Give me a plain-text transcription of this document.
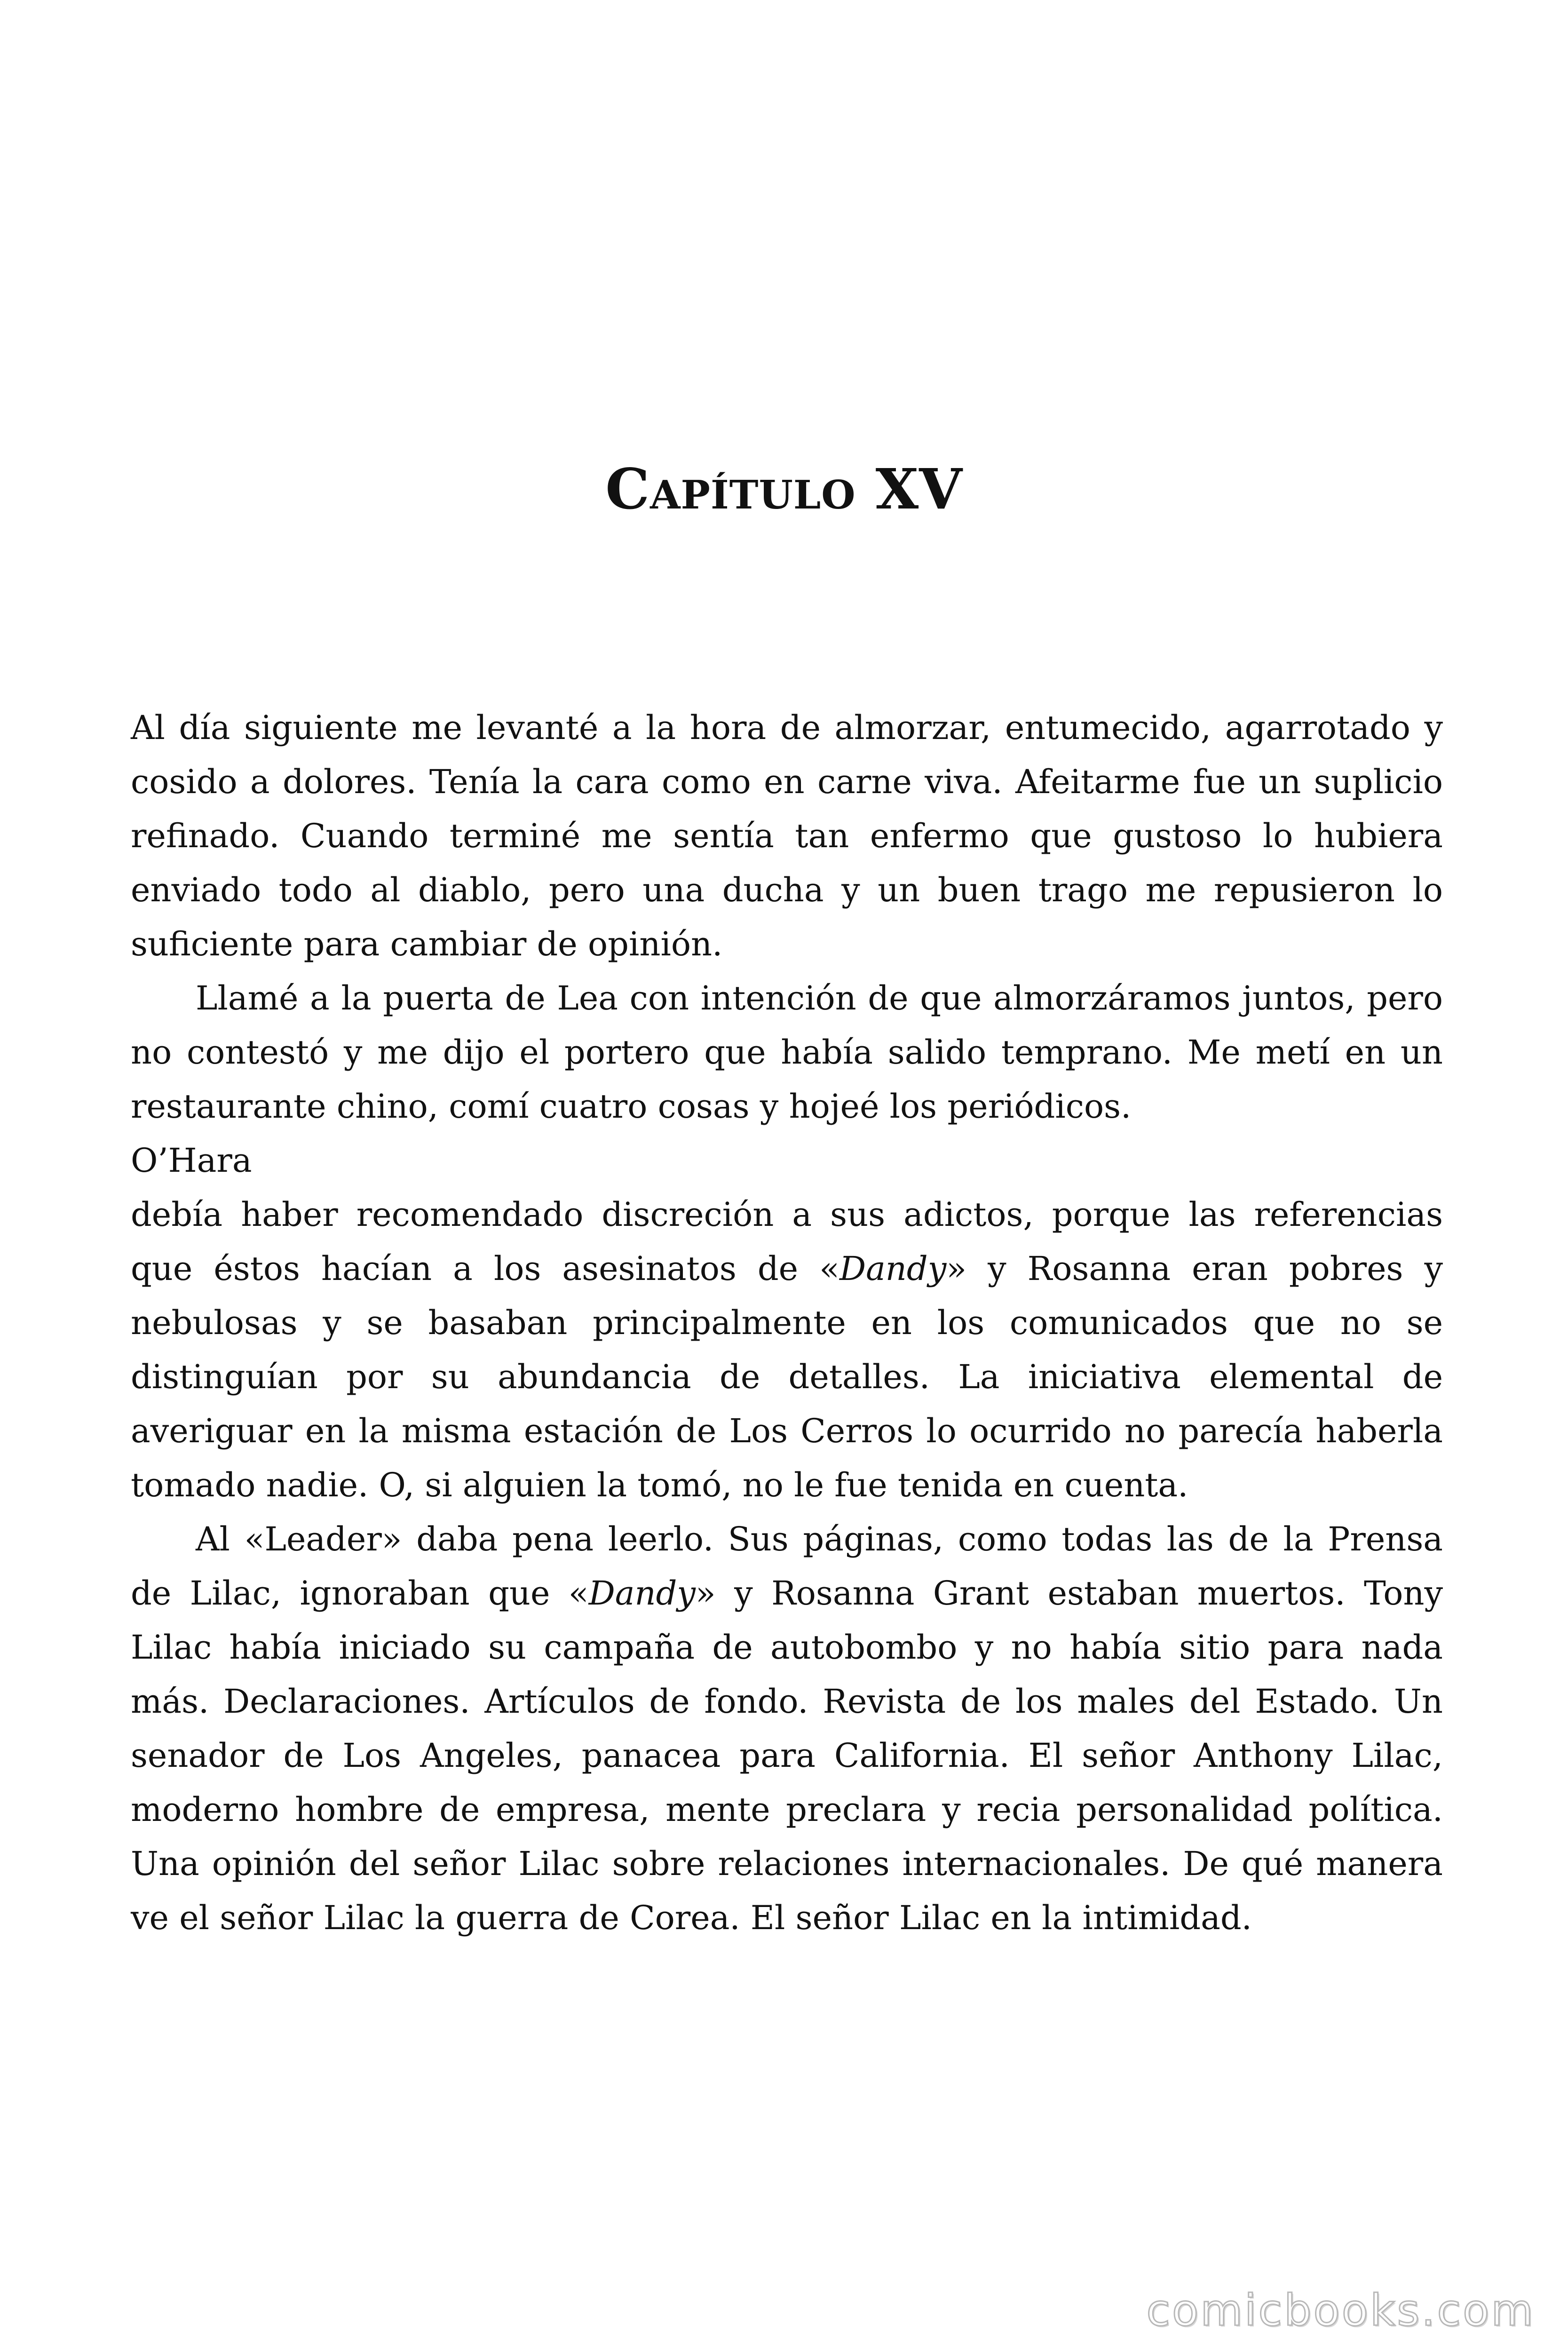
Capítulo XV

Al día siguiente me levanté a la hora de almorzar, entumecido, agarrotado y cosido a dolores. Tenía la cara como en carne viva. Afeitarme fue un suplicio refinado. Cuando terminé me sentía tan enfermo que gustoso lo hubiera enviado todo al diablo, pero una ducha y un buen trago me repusieron lo suficiente para cambiar de opinión.

Llamé a la puerta de Lea con intención de que almorzáramos juntos, pero no contestó y me dijo el portero que había salido temprano. Me metí en un restaurante chino, comí cuatro cosas y hojeé los periódicos.

O’Hara

debía haber recomendado discreción a sus adictos, porque las referencias que éstos hacían a los asesinatos de «Dandy» y Rosanna eran pobres y nebulosas y se basaban principalmente en los comunicados que no se distinguían por su abundancia de detalles. La iniciativa elemental de averiguar en la misma estación de Los Cerros lo ocurrido no parecía haberla tomado nadie. O, si alguien la tomó, no le fue tenida en cuenta.

Al «Leader» daba pena leerlo. Sus páginas, como todas las de la Prensa de Lilac, ignoraban que «Dandy» y Rosanna Grant estaban muertos. Tony Lilac había iniciado su campaña de autobombo y no había sitio para nada más. Declaraciones. Artículos de fondo. Revista de los males del Estado. Un senador de Los Angeles, panacea para California. El señor Anthony Lilac, moderno hombre de empresa, mente preclara y recia personalidad política. Una opinión del señor Lilac sobre relaciones internacionales. De qué manera ve el señor Lilac la guerra de Corea. El señor Lilac en la intimidad.

comicbooks.com
